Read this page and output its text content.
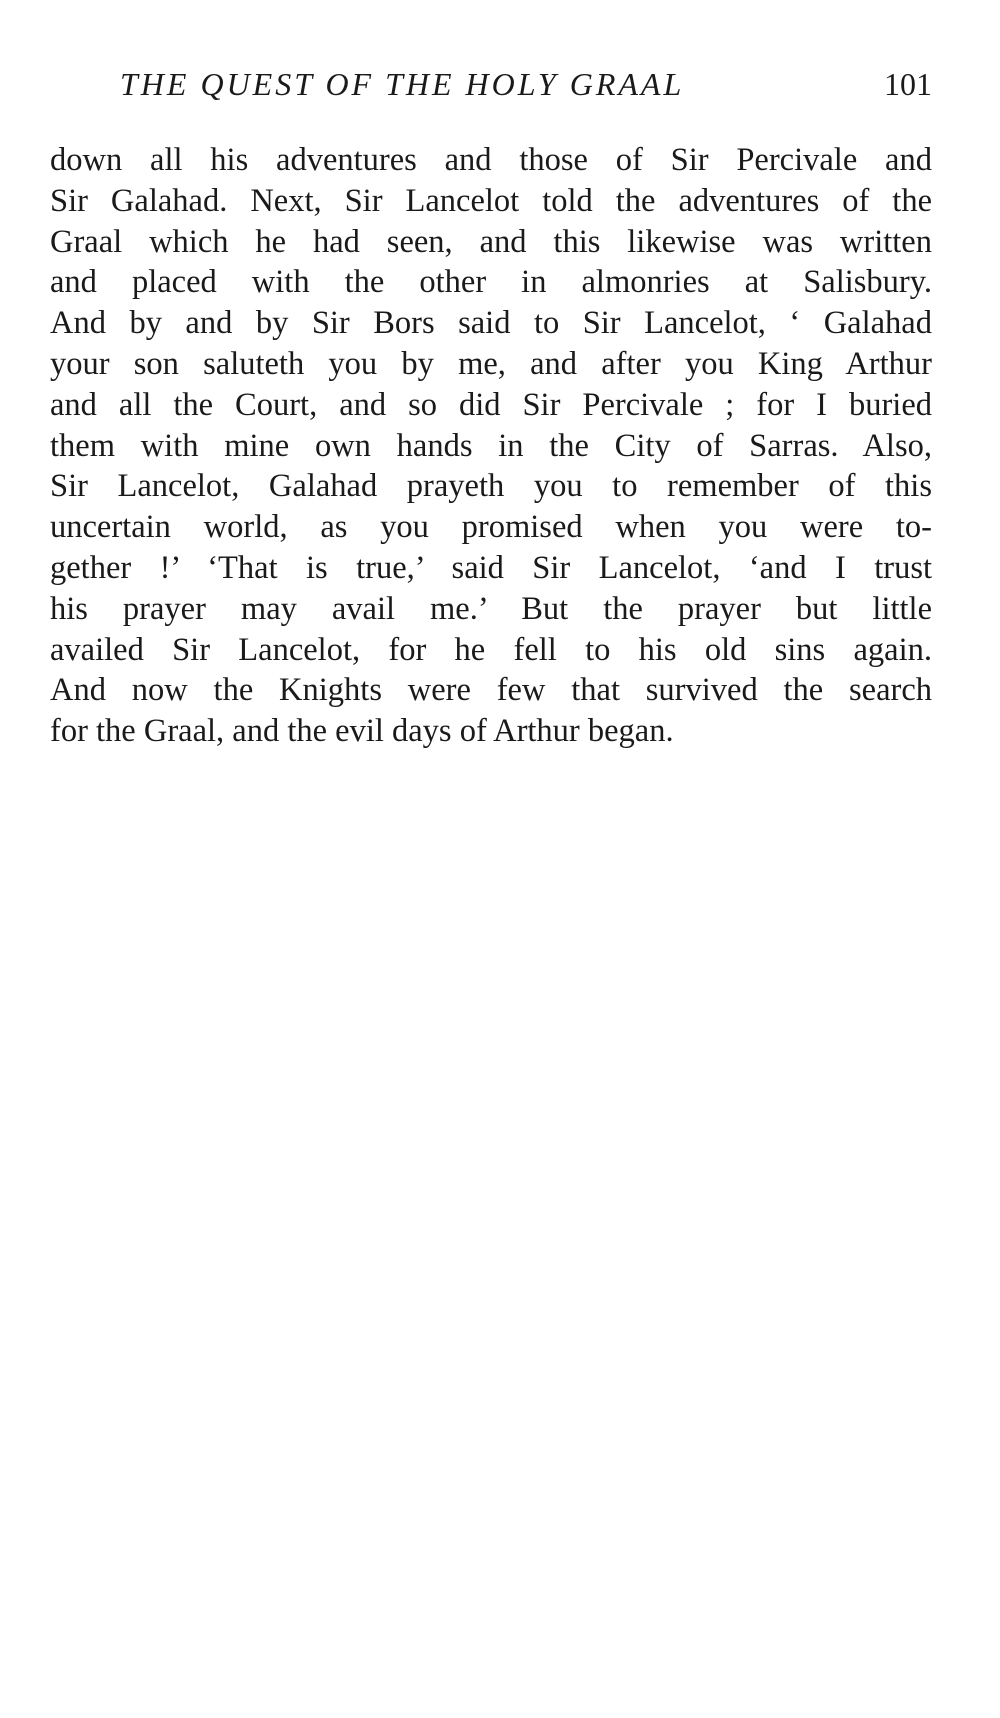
THE QUEST OF THE HOLY GRAAL	101
down all his adventures and those of Sir Percivale and
Sir Galahad. Next, Sir Lancelot told the adventures of the
Graal which he had seen, and this likewise was written
and placed with the other in almonries at Salisbury.
And by and by Sir Bors said to Sir Lancelot, ‘ Galahad
your son saluteth you by me, and after you King Arthur
and all the Court, and so did Sir Percivale ; for I buried
them with mine own hands in the City of Sarras. Also,
Sir Lancelot, Galahad prayeth you to remember of this
uncertain world, as you promised when you were to-
gether !’ ‘That is true,’ said Sir Lancelot, ‘and I trust
his prayer may avail me.’ But the prayer but little
availed Sir Lancelot, for he fell to his old sins again.
And now the Knights were few that survived the search
for the Graal, and the evil days of Arthur began.
